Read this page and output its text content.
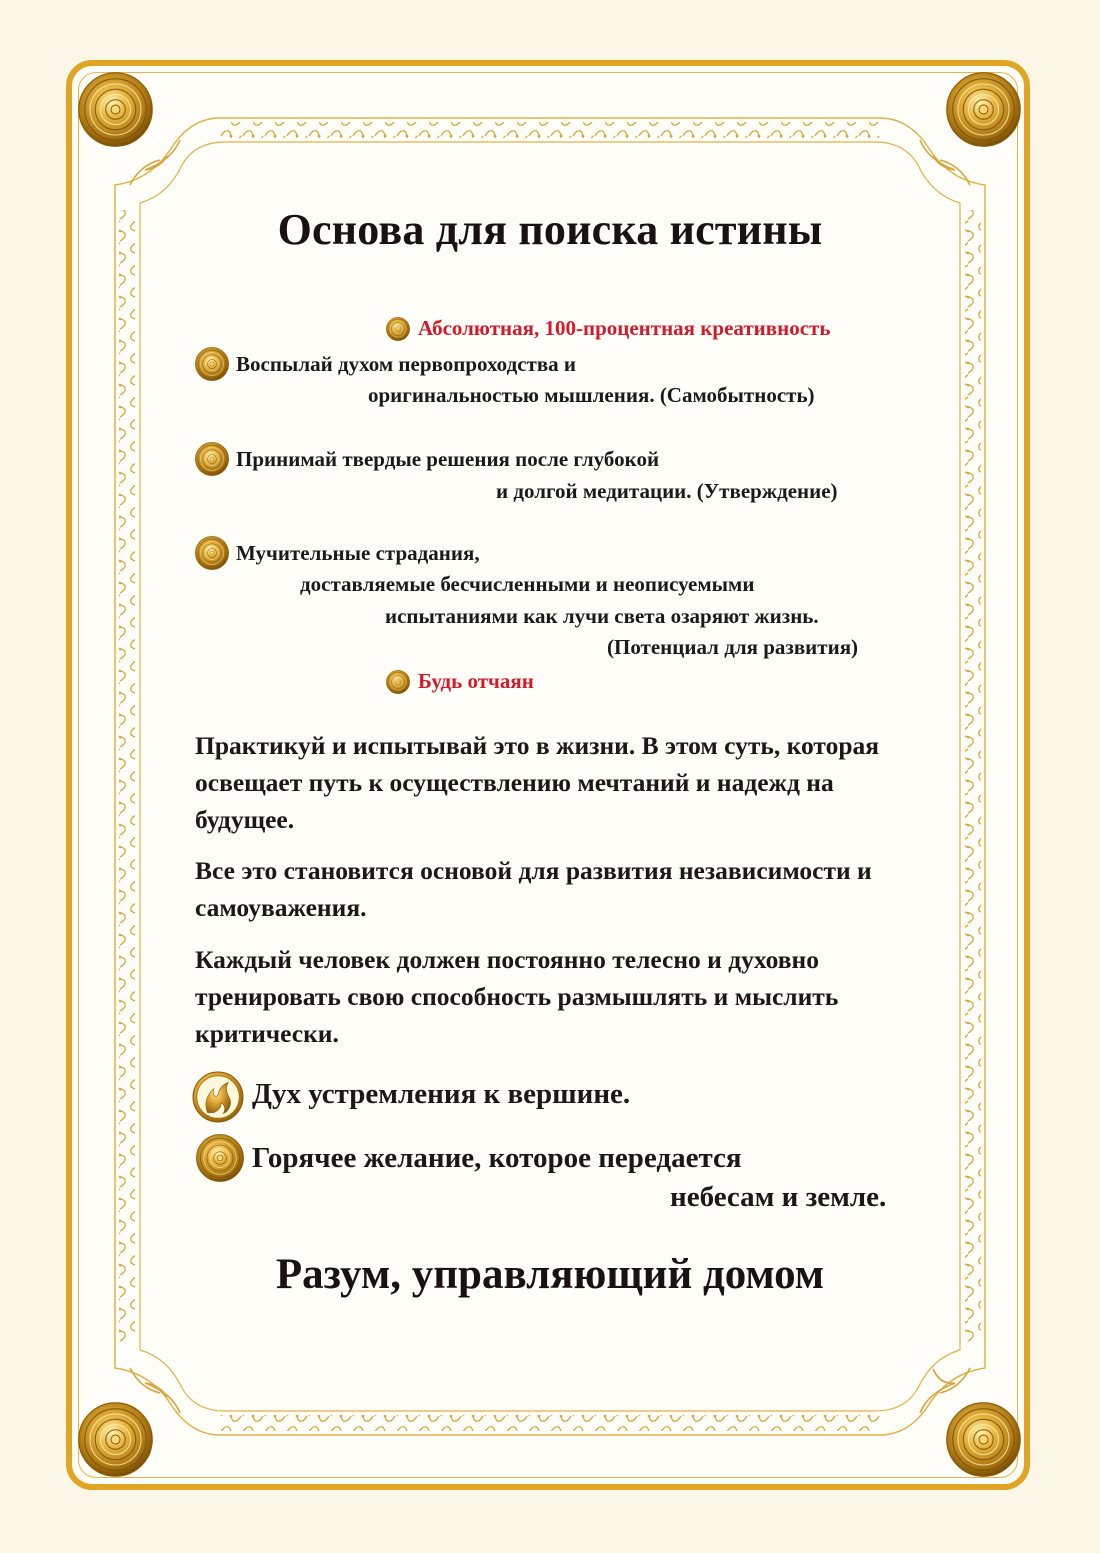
Основа для поиска истины
Абсолютная, 100-процентная креативность
Воспылай духом первопроходства и
оригинальностью мышления. (Самобытность)
Принимай твердые решения после глубокой
и долгой медитации. (Утверждение)
Мучительные страдания,
доставляемые бесчисленными и неописуемыми
испытаниями как лучи света озаряют жизнь.
(Потенциал для развития)
Будь отчаян
Практикуй и испытывай это в жизни. В этом суть, которая освещает путь к осуществлению мечтаний и надежд на будущее.
Все это становится основой для развития независимости и самоуважения.
Каждый человек должен постоянно телесно и духовно тренировать свою способность размышлять и мыслить критически.
Дух устремления к вершине.
Горячее желание, которое передается
небесам и земле.
Разум, управляющий домом
